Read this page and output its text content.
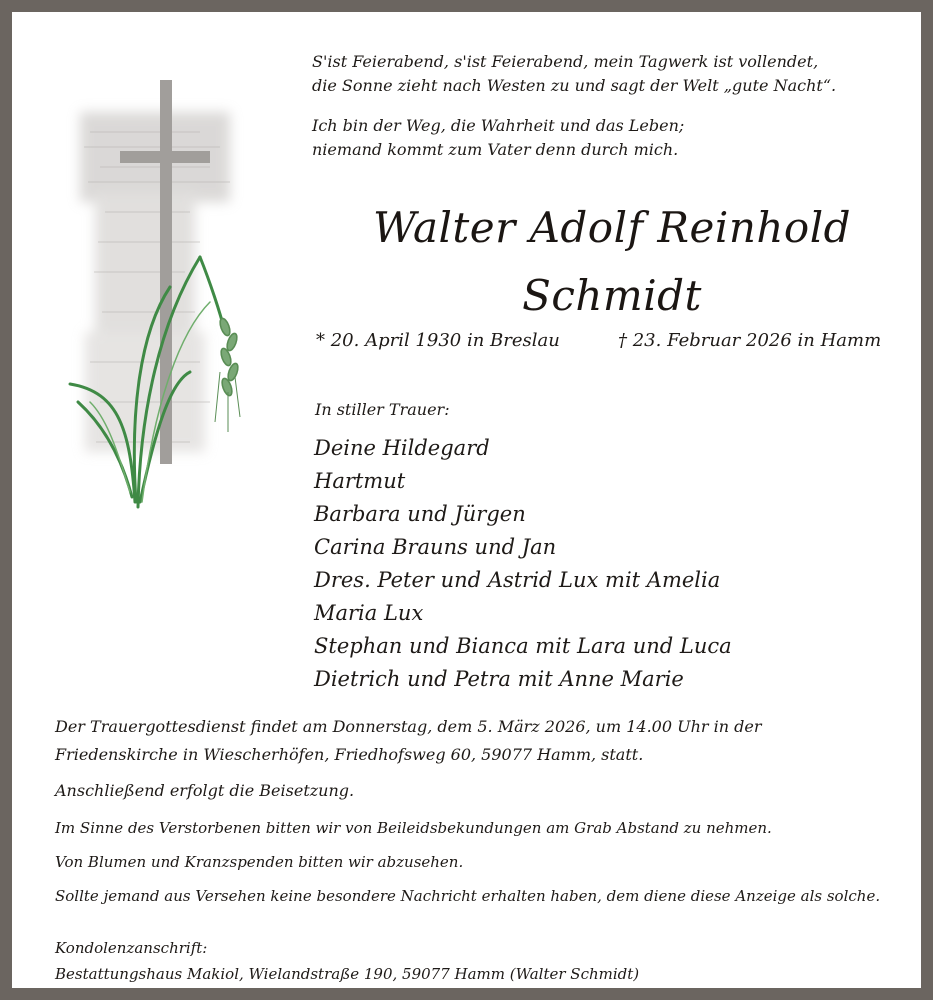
S'ist Feierabend, s'ist Feierabend, mein Tagwerk ist vollendet,
die Sonne zieht nach Westen zu und sagt der Welt „gute Nacht“.
Ich bin der Weg, die Wahrheit und das Leben;
niemand kommt zum Vater denn durch mich.
Walter Adolf Reinhold
Schmidt
* 20. April 1930 in Breslau	† 23. Februar 2026 in Hamm
In stiller Trauer:
Deine Hildegard
Hartmut
Barbara und Jürgen
Carina Brauns und Jan
Dres. Peter und Astrid Lux mit Amelia
Maria Lux
Stephan und Bianca mit Lara und Luca
Dietrich und Petra mit Anne Marie
Der Trauergottesdienst findet am Donnerstag, dem 5. März 2026, um 14.00 Uhr in der
Friedenskirche in Wiescherhöfen, Friedhofsweg 60, 59077 Hamm, statt.
Anschließend erfolgt die Beisetzung.
Im Sinne des Verstorbenen bitten wir von Beileidsbekundungen am Grab Abstand zu nehmen.
Von Blumen und Kranzspenden bitten wir abzusehen.
Sollte jemand aus Versehen keine besondere Nachricht erhalten haben, dem diene diese Anzeige als solche.
Kondolenzanschrift:
Bestattungshaus Makiol, Wielandstraße 190, 59077 Hamm (Walter Schmidt)
